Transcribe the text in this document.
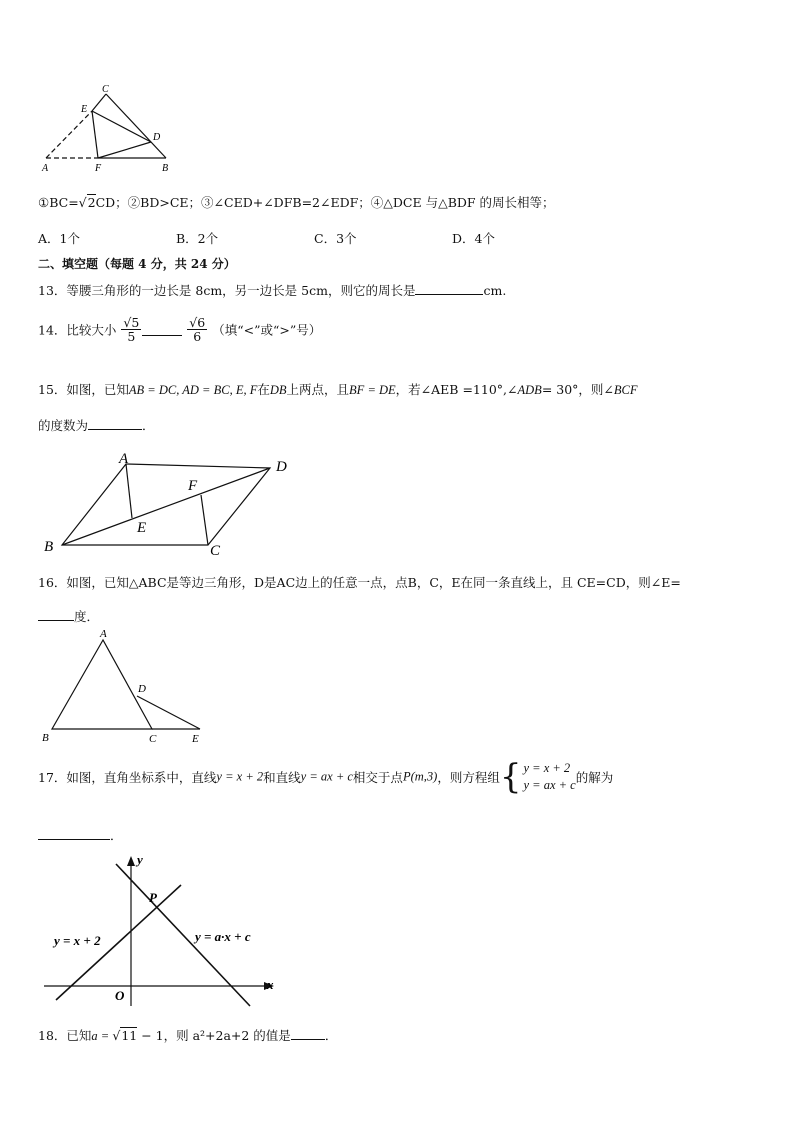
C
E
D
A	F	B
①BC=√2CD；②BD>CE；③∠CED+∠DFB=2∠EDF；④△DCE 与△BDF 的周长相等；
A．1个	B．2个	C．3个	D．4个
二、填空题（每题 4 分，共 24 分）
13．等腰三角形的一边长是 8cm，另一边长是 5cm，则它的周长是	cm.
14．比较大小 $\frac{√5}{5}$
	$\frac{√6}{6}$ （填“<”或“>”号）
15．如图，已知AB = DC, AD = BC, E, F在DB上两点，且BF = DE，若∠AEB =110°,∠ADB= 30°，则∠BCF
的度数为	．
A	D
F
E
B	C
16．如图，已知△ABC是等边三角形，D是AC边上的任意一点，点B，C，E在同一条直线上，且 CE=CD，则∠E=
度．
A
D
B	C	E
17．如图，直角坐标系中，直线y = x + 2和直线y = ax + c相交于点P(m,3)，则方程组{ y = x + 2
y = ax + c 的解为
．
y
x
O
P
y = x + 2	y = a·x + c
18．已知a = √11 − 1，则 a²+2a+2 的值是	．
